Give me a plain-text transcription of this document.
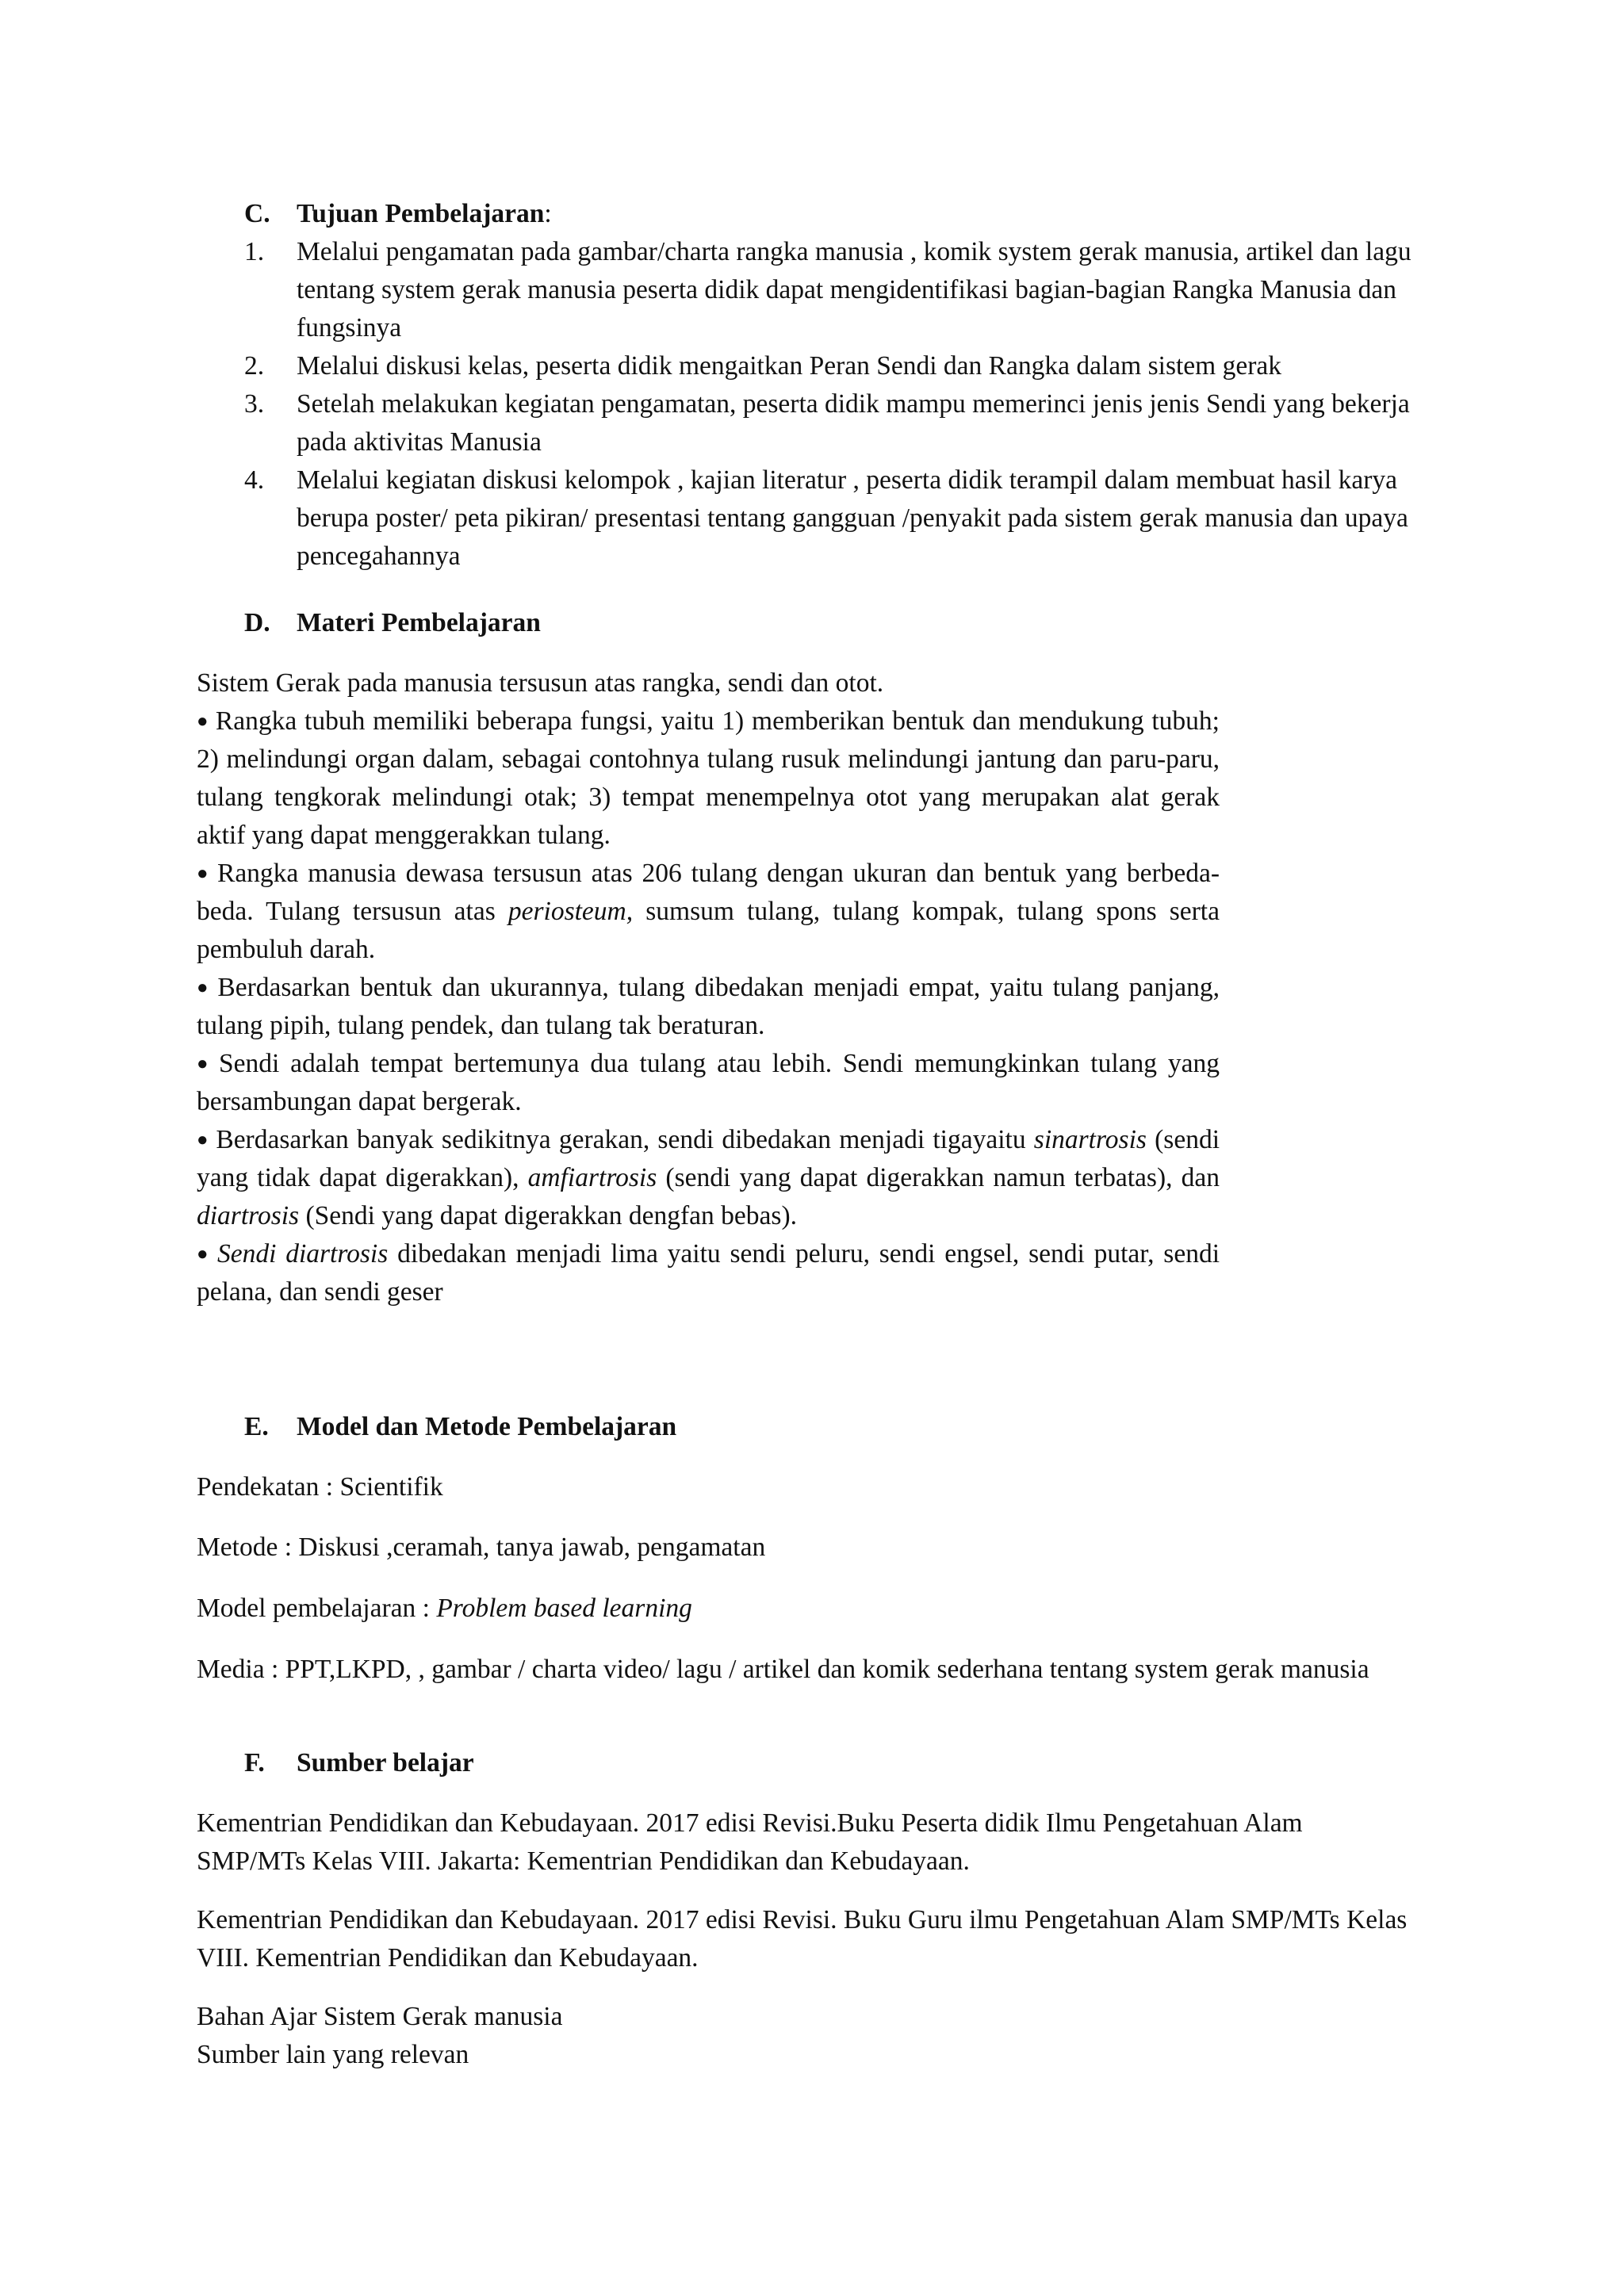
C. Tujuan Pembelajaran:
1. Melalui pengamatan pada gambar/charta rangka manusia , komik system gerak manusia, artikel dan lagu tentang system gerak manusia peserta didik dapat mengidentifikasi bagian-bagian Rangka Manusia dan fungsinya
2. Melalui diskusi kelas, peserta didik mengaitkan Peran Sendi dan Rangka dalam sistem gerak
3. Setelah melakukan kegiatan pengamatan, peserta didik mampu memerinci jenis jenis Sendi yang bekerja pada aktivitas Manusia
4. Melalui kegiatan diskusi kelompok , kajian literatur , peserta didik terampil dalam membuat hasil karya berupa poster/ peta pikiran/ presentasi tentang gangguan /penyakit pada sistem gerak manusia dan upaya pencegahannya
D. Materi Pembelajaran

Sistem Gerak pada manusia tersusun atas rangka, sendi dan otot.

● Rangka tubuh memiliki beberapa fungsi, yaitu 1) memberikan bentuk dan mendukung tubuh; 2) melindungi organ dalam, sebagai contohnya tulang rusuk melindungi jantung dan paru-paru, tulang tengkorak melindungi otak; 3) tempat menempelnya otot yang merupakan alat gerak aktif yang dapat menggerakkan tulang.

● Rangka manusia dewasa tersusun atas 206 tulang dengan ukuran dan bentuk yang berbeda-beda. Tulang tersusun atas periosteum, sumsum tulang, tulang kompak, tulang spons serta pembuluh darah.

● Berdasarkan bentuk dan ukurannya, tulang dibedakan menjadi empat, yaitu tulang panjang, tulang pipih, tulang pendek, dan tulang tak beraturan.

● Sendi adalah tempat bertemunya dua tulang atau lebih. Sendi memungkinkan tulang yang bersambungan dapat bergerak.

● Berdasarkan banyak sedikitnya gerakan, sendi dibedakan menjadi tigayaitu sinartrosis (sendi yang tidak dapat digerakkan), amfiartrosis (sendi yang dapat digerakkan namun terbatas), dan diartrosis (Sendi yang dapat digerakkan dengfan bebas).

● Sendi diartrosis dibedakan menjadi lima yaitu sendi peluru, sendi engsel, sendi putar, sendi pelana, dan sendi geser

E. Model dan Metode Pembelajaran
Pendekatan : Scientifik
Metode : Diskusi ,ceramah, tanya jawab, pengamatan
Model pembelajaran : Problem based learning
Media : PPT,LKPD, , gambar / charta video/ lagu / artikel dan komik sederhana tentang system gerak manusia
F. Sumber belajar
Kementrian Pendidikan dan Kebudayaan. 2017 edisi Revisi.Buku Peserta didik Ilmu Pengetahuan Alam SMP/MTs Kelas VIII. Jakarta: Kementrian Pendidikan dan Kebudayaan.
Kementrian Pendidikan dan Kebudayaan. 2017 edisi Revisi. Buku Guru ilmu Pengetahuan Alam SMP/MTs Kelas VIII. Kementrian Pendidikan dan Kebudayaan.
Bahan Ajar Sistem Gerak manusia
Sumber lain yang relevan
